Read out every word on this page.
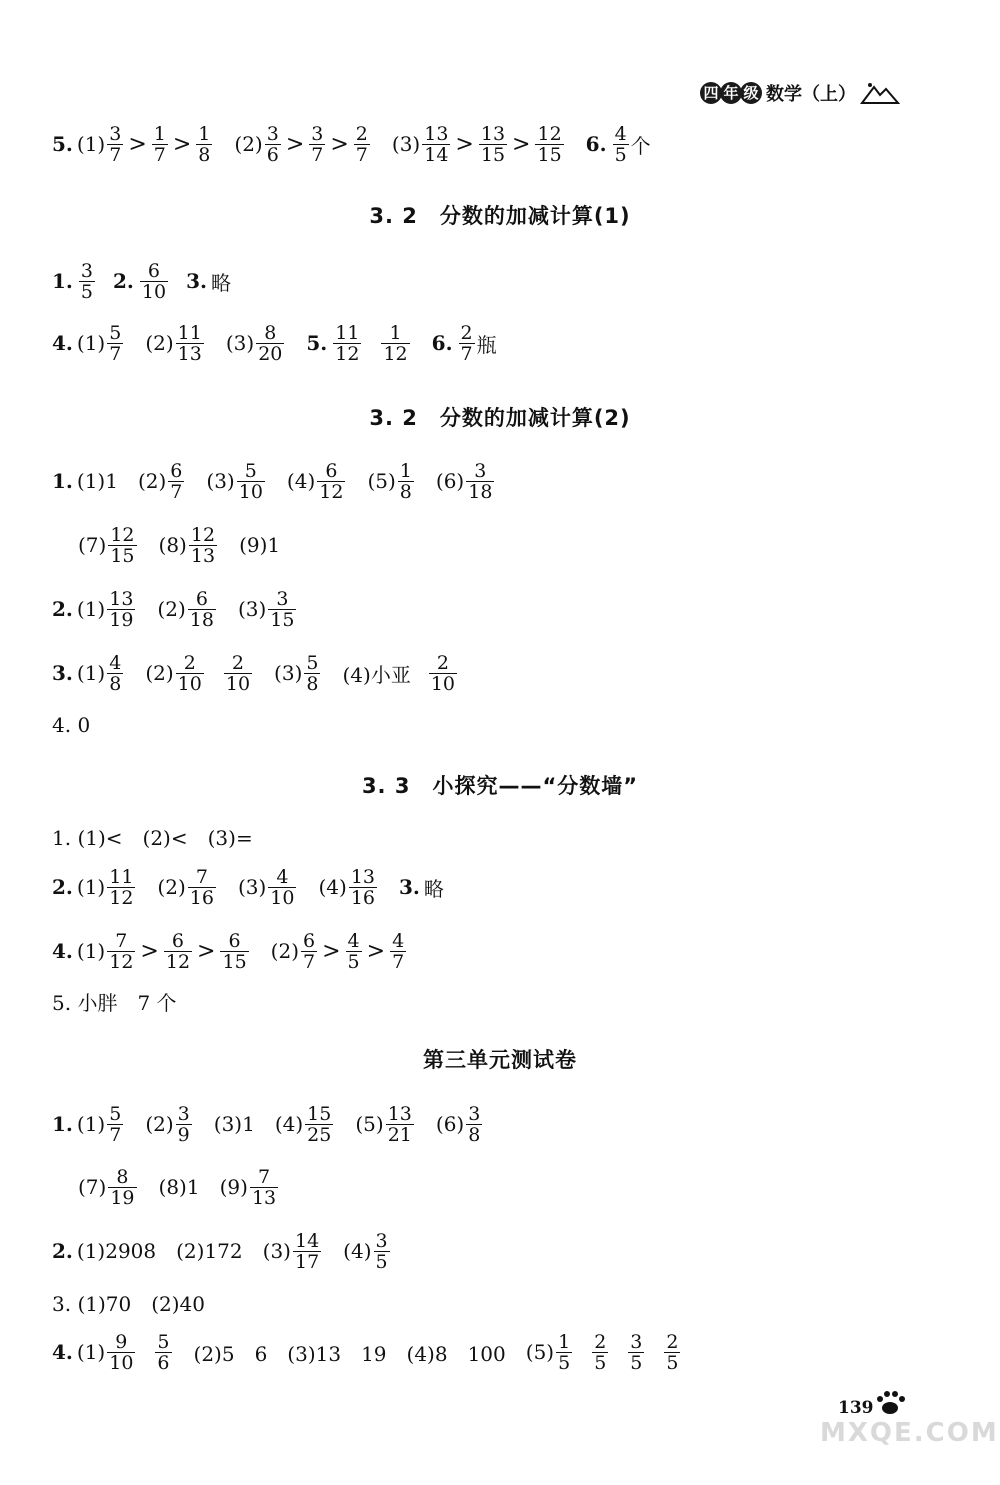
四 年 级 数学（上）
5. $(1) \frac{3}{7} > \frac{1}{7} > \frac{1}{8} (2) \frac{3}{6} > \frac{3}{7} > \frac{2}{7} (3) \frac{13}{14} > \frac{13}{15} > \frac{12}{15} 6$. $\frac{4}{5}$ 个
3. 2　分数的加减计算(1)
1. $\frac{3}{5} 2$. $\frac{6}{10} 3$. 略
4. $(1) \frac{5}{7} (2) \frac{11}{13} (3) \frac{8}{20} 5$. $\frac{11}{12} \frac{1}{12} 6$. $\frac{2}{7}$ 瓶
3. 2　分数的加减计算(2)
1. (1)1 $(2) \frac{6}{7} (3) \frac{5}{10} (4) \frac{6}{12} (5) \frac{1}{8} (6) \frac{3}{18}$
$(7) \frac{12}{15} (8) \frac{12}{13} (9)1$
2. $(1) \frac{13}{19} (2) \frac{6}{18} (3) \frac{3}{15}$
3. $(1) \frac{4}{8} (2) \frac{2}{10} \frac{2}{10} (3) \frac{5}{8} (4)$小亚 $\frac{2}{10}$
4. 0
3. 3　小探究——“分数墙”
1. (1)<　(2)<　(3)=
2. $(1) \frac{11}{12} (2) \frac{7}{16} (3) \frac{4}{10} (4) \frac{13}{16} 3$. 略
4. $(1) \frac{7}{12} > \frac{6}{12} > \frac{6}{15} (2) \frac{6}{7} > \frac{4}{5} > \frac{4}{7}$
5. 小胖　7 个
第三单元测试卷
1. $(1) \frac{5}{7} (2) \frac{3}{9} (3)1$ $(4) \frac{15}{25} (5) \frac{13}{21} (6) \frac{3}{8}$
$(7) \frac{8}{19} (8)1$ $(9) \frac{7}{13}$
2. (1)2908 (2)172 $(3) \frac{14}{17} (4) \frac{3}{5}$
3. (1)70　(2)40
4. $(1) \frac{9}{10} \frac{5}{6} (2)5$　6 (3)13　19 (4)8　100 $(5) \frac{1}{5} \frac{2}{5} \frac{3}{5} \frac{2}{5}$
139
MXQE.COM
